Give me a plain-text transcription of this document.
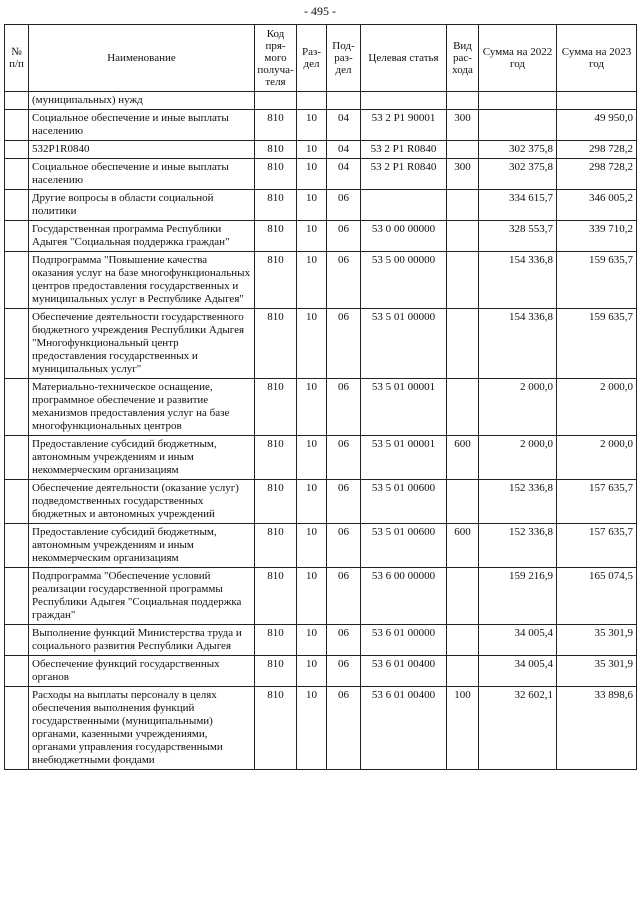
- 495 -
№ п/п	Наименование	Код пря-мого получа-теля	Раз-дел	Под-раз-дел	Целевая статья	Вид рас-хода	Сумма на 2022 год	Сумма на 2023 год
	(муниципальных) нужд							
	Социальное обеспечение и иные выплаты населению	810	10	04	53 2 P1 90001	300		49 950,0
	532P1R0840	810	10	04	53 2 P1 R0840		302 375,8	298 728,2
	Социальное обеспечение и иные выплаты населению	810	10	04	53 2 P1 R0840	300	302 375,8	298 728,2
	Другие вопросы в области социальной политики	810	10	06			334 615,7	346 005,2
	Государственная программа Республики Адыгея "Социальная поддержка граждан"	810	10	06	53 0 00 00000		328 553,7	339 710,2
	Подпрограмма "Повышение качества оказания услуг на базе многофункциональных центров предоставления государственных и муниципальных услуг в Республике Адыгея"	810	10	06	53 5 00 00000		154 336,8	159 635,7
	Обеспечение деятельности государственного бюджетного учреждения Республики Адыгея "Многофункциональный центр предоставления государственных и муниципальных услуг"	810	10	06	53 5 01 00000		154 336,8	159 635,7
	Материально-техническое оснащение, программное обеспечение и развитие механизмов предоставления услуг на базе многофункциональных центров	810	10	06	53 5 01 00001		2 000,0	2 000,0
	Предоставление субсидий бюджетным, автономным учреждениям и иным некоммерческим организациям	810	10	06	53 5 01 00001	600	2 000,0	2 000,0
	Обеспечение деятельности (оказание услуг) подведомственных государственных бюджетных и автономных учреждений	810	10	06	53 5 01 00600		152 336,8	157 635,7
	Предоставление субсидий бюджетным, автономным учреждениям и иным некоммерческим организациям	810	10	06	53 5 01 00600	600	152 336,8	157 635,7
	Подпрограмма "Обеспечение условий реализации государственной программы Республики Адыгея "Социальная поддержка граждан"	810	10	06	53 6 00 00000		159 216,9	165 074,5
	Выполнение функций Министерства труда и социального развития Республики Адыгея	810	10	06	53 6 01 00000		34 005,4	35 301,9
	Обеспечение функций государственных органов	810	10	06	53 6 01 00400		34 005,4	35 301,9
	Расходы на выплаты персоналу в целях обеспечения выполнения функций государственными (муниципальными) органами, казенными учреждениями, органами управления государственными внебюджетными фондами	810	10	06	53 6 01 00400	100	32 602,1	33 898,6
